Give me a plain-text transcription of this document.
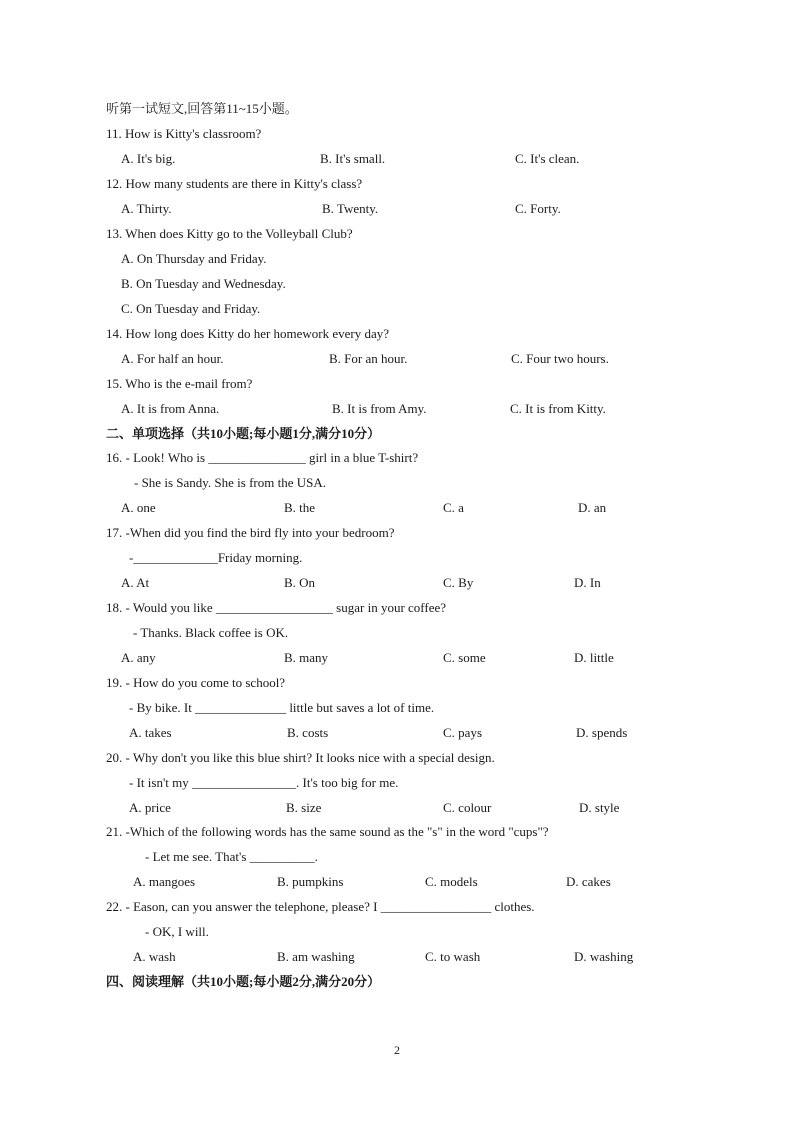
听第一试短文,回答第11~15小题。
11. How is Kitty's classroom?
A. It's big.	B. It's small.	C. It's clean.
12. How many students are there in Kitty's class?
A. Thirty.	B. Twenty.	C. Forty.
13. When does Kitty go to the Volleyball Club?
A. On Thursday and Friday.
B. On Tuesday and Wednesday.
C. On Tuesday and Friday.
14. How long does Kitty do her homework every day?
A. For half an hour.	B. For an hour.	C. Four two hours.
15. Who is the e-mail from?
A. It is from Anna.	B. It is from Amy.	C. It is from Kitty.
二、单项选择（共10小题;每小题1分,满分10分）
16. - Look! Who is _______________ girl in a blue T-shirt?
- She is Sandy. She is from the USA.
A. one	B. the	C. a	D. an
17. -When did you find the bird fly into your bedroom?
-_____________Friday morning.
A. At	B. On	C. By	D. In
18. - Would you like __________________ sugar in your coffee?
- Thanks. Black coffee is OK.
A. any	B. many	C. some	D. little
19. - How do you come to school?
- By bike. It ______________ little but saves a lot of time.
A. takes	B. costs	C. pays	D. spends
20. - Why don't you like this blue shirt? It looks nice with a special design.
- It isn't my ________________. It's too big for me.
A. price	B. size	C. colour	D. style
21. -Which of the following words has the same sound as the "s" in the word "cups"?
- Let me see. That's __________.
A. mangoes	B. pumpkins	C. models	D. cakes
22. - Eason, can you answer the telephone, please? I _________________ clothes.
- OK, I will.
A. wash	B. am washing	C. to wash	D. washing
四、阅读理解（共10小题;每小题2分,满分20分）
2
